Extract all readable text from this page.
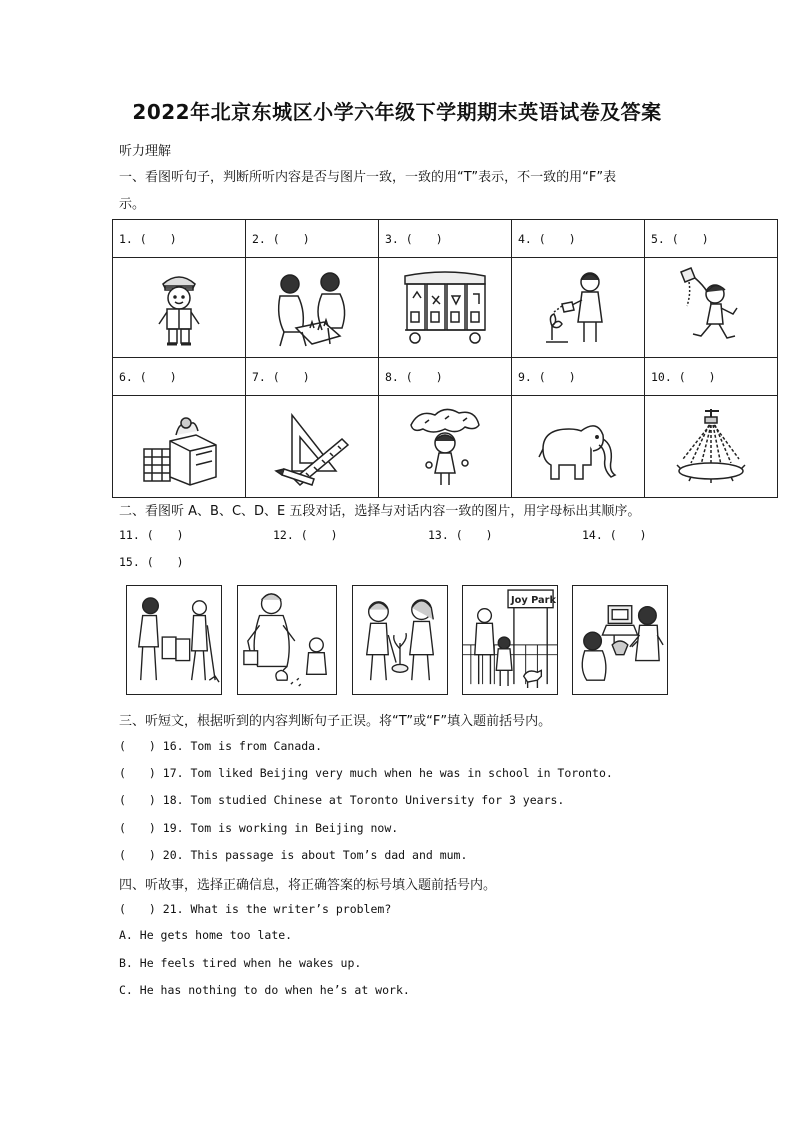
2022年北京东城区小学六年级下学期期末英语试卷及答案
听力理解
一、看图听句子，判断所听内容是否与图片一致，一致的用“T”表示，不一致的用“F”表
示。
1. (　　)	2. (　　)	3. (　　)	4. (　　)	5. (　　)

6. (　　)	7. (　　)	8. (　　)	9. (　　)	10. (　　)

二、看图听 A、B、C、D、E 五段对话，选择与对话内容一致的图片，用字母标出其顺序。
11. (　　)	12. (　　)	13. (　　)	14. (　　)
15. (　　)
Joy Park
三、听短文，根据听到的内容判断句子正误。将“T”或“F”填入题前括号内。
(　　) 16. Tom is from Canada.
(　　) 17. Tom liked Beijing very much when he was in school in Toronto.
(　　) 18. Tom studied Chinese at Toronto University for 3 years.
(　　) 19. Tom is working in Beijing now.
(　　) 20. This passage is about Tom’s dad and mum.
四、听故事，选择正确信息，将正确答案的标号填入题前括号内。
(　　) 21. What is the writer’s problem?
A. He gets home too late.
B. He feels tired when he wakes up.
C. He has nothing to do when he’s at work.
